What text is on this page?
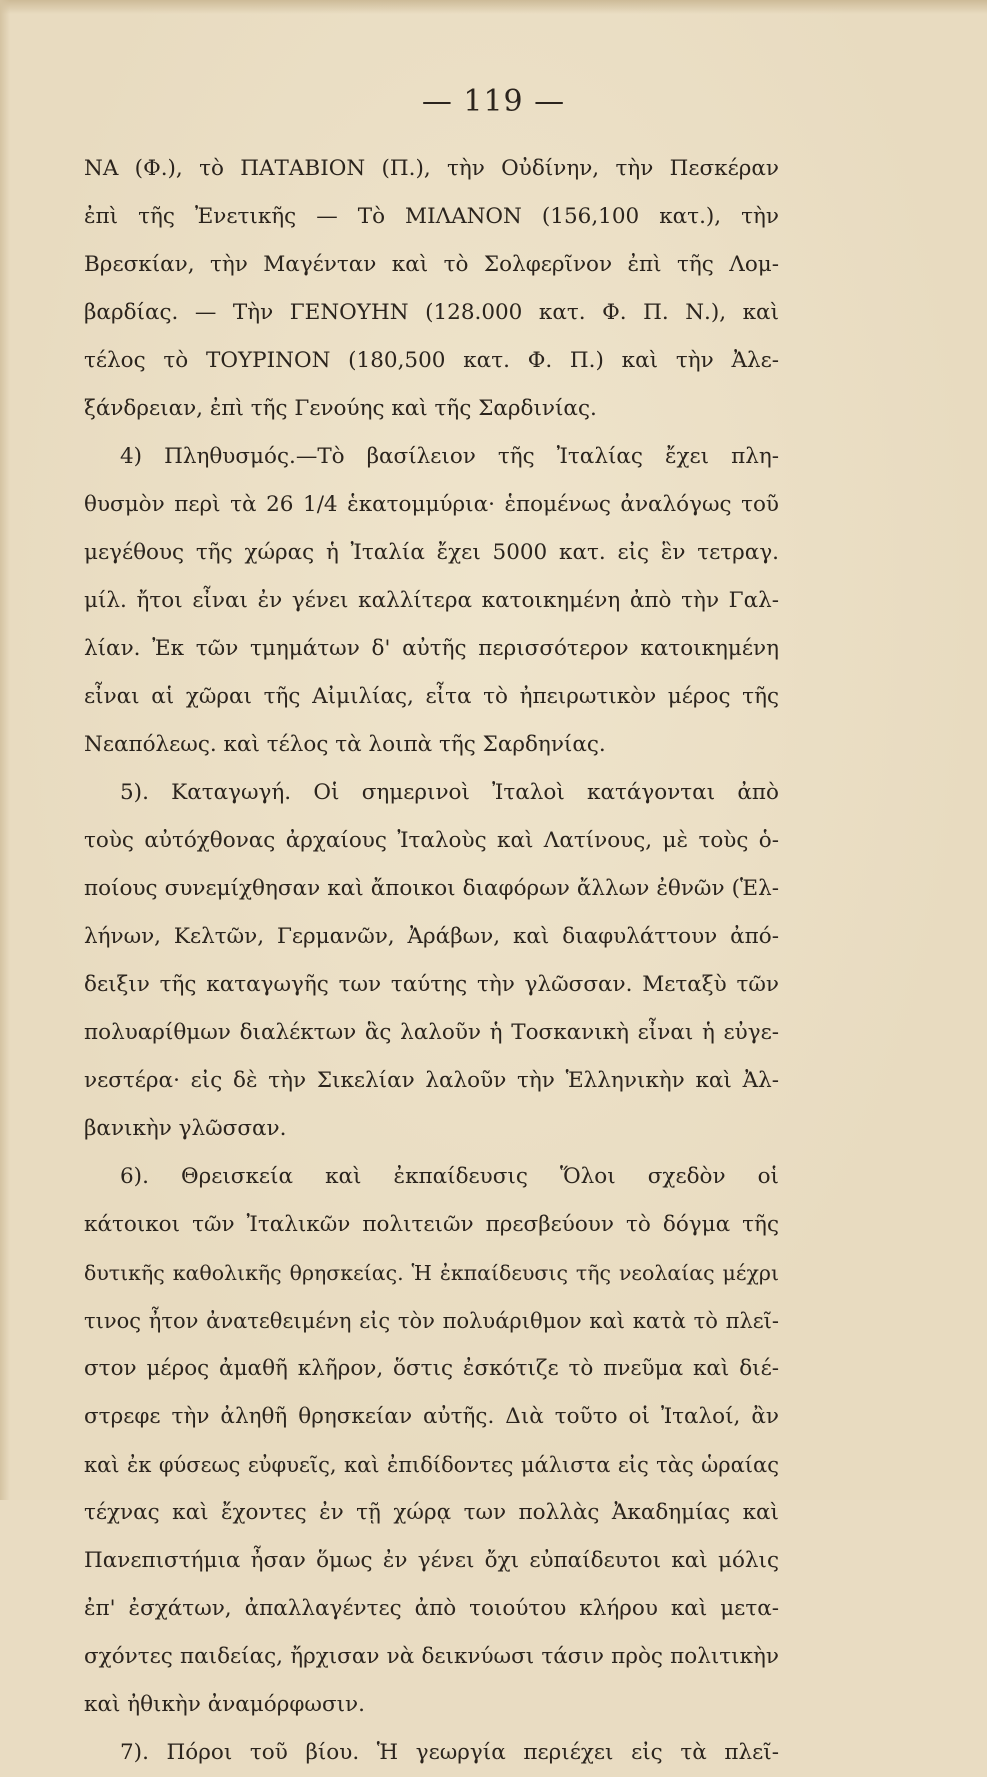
— 119 —
ΝΑ (Φ.), τὸ ΠΑΤΑΒΙΟΝ (Π.), τὴν Οὐδίνην, τὴν Πεσκέραν
ἐπὶ τῆς Ἐνετικῆς — Τὸ ΜΙΛΑΝΟΝ (156,100 κατ.), τὴν
Βρεσκίαν, τὴν Μαγένταν καὶ τὸ Σολφερῖνον ἐπὶ τῆς Λομ-
βαρδίας. — Τὴν ΓΕΝΟΥΗΝ (128.000 κατ. Φ. Π. Ν.), καὶ
τέλος τὸ ΤΟΥΡΙΝΟΝ (180,500 κατ. Φ. Π.) καὶ τὴν Ἀλε-
ξάνδρειαν, ἐπὶ τῆς Γενούης καὶ τῆς Σαρδινίας.
4) Πληθυσμός.—Τὸ βασίλειον τῆς Ἰταλίας ἔχει πλη-
θυσμὸν περὶ τὰ 26 1/4 ἑκατομμύρια· ἑπομένως ἀναλόγως τοῦ
μεγέθους τῆς χώρας ἡ Ἰταλία ἔχει 5000 κατ. εἰς ἓν τετραγ.
μίλ. ἤτοι εἶναι ἐν γένει καλλίτερα κατοικημένη ἀπὸ τὴν Γαλ-
λίαν. Ἐκ τῶν τμημάτων δ' αὐτῆς περισσότερον κατοικημένη
εἶναι αἱ χῶραι τῆς Αἰμιλίας, εἶτα τὸ ἠπειρωτικὸν μέρος τῆς
Νεαπόλεως. καὶ τέλος τὰ λοιπὰ τῆς Σαρδηνίας.
5). Καταγωγή. Οἱ σημερινοὶ Ἰταλοὶ κατάγονται ἀπὸ
τοὺς αὐτόχθονας ἀρχαίους Ἰταλοὺς καὶ Λατίνους, μὲ τοὺς ὁ-
ποίους συνεμίχθησαν καὶ ἄποικοι διαφόρων ἄλλων ἐθνῶν (Ἑλ-
λήνων, Κελτῶν, Γερμανῶν, Ἀράβων, καὶ διαφυλάττουν ἀπό-
δειξιν τῆς καταγωγῆς των ταύτης τὴν γλῶσσαν. Μεταξὺ τῶν
πολυαρίθμων διαλέκτων ἃς λαλοῦν ἡ Τοσκανικὴ εἶναι ἡ εὐγε-
νεστέρα· εἰς δὲ τὴν Σικελίαν λαλοῦν τὴν Ἑλληνικὴν καὶ Ἀλ-
βανικὴν γλῶσσαν.
6). Θρεισκεία καὶ ἐκπαίδευσις Ὅλοι σχεδὸν οἱ
κάτοικοι τῶν Ἰταλικῶν πολιτειῶν πρεσβεύουν τὸ δόγμα τῆς
δυτικῆς καθολικῆς θρησκείας. Ἡ ἐκπαίδευσις τῆς νεολαίας μέχρι
τινος ἦτον ἀνατεθειμένη εἰς τὸν πολυάριθμον καὶ κατὰ τὸ πλεῖ-
στον μέρος ἀμαθῆ κλῆρον, ὅστις ἐσκότιζε τὸ πνεῦμα καὶ διέ-
στρεφε τὴν ἀληθῆ θρησκείαν αὐτῆς. Διὰ τοῦτο οἱ Ἰταλοί, ἂν
καὶ ἐκ φύσεως εὐφυεῖς, καὶ ἐπιδίδοντες μάλιστα εἰς τὰς ὡραίας
τέχνας καὶ ἔχοντες ἐν τῇ χώρᾳ των πολλὰς Ἀκαδημίας καὶ
Πανεπιστήμια ἦσαν ὅμως ἐν γένει ὄχι εὐπαίδευτοι καὶ μόλις
ἐπ' ἐσχάτων, ἀπαλλαγέντες ἀπὸ τοιούτου κλήρου καὶ μετα-
σχόντες παιδείας, ἤρχισαν νὰ δεικνύωσι τάσιν πρὸς πολιτικὴν
καὶ ἠθικὴν ἀναμόρφωσιν.
7). Πόροι τοῦ βίου. Ἡ γεωργία περιέχει εἰς τὰ πλεῖ-
